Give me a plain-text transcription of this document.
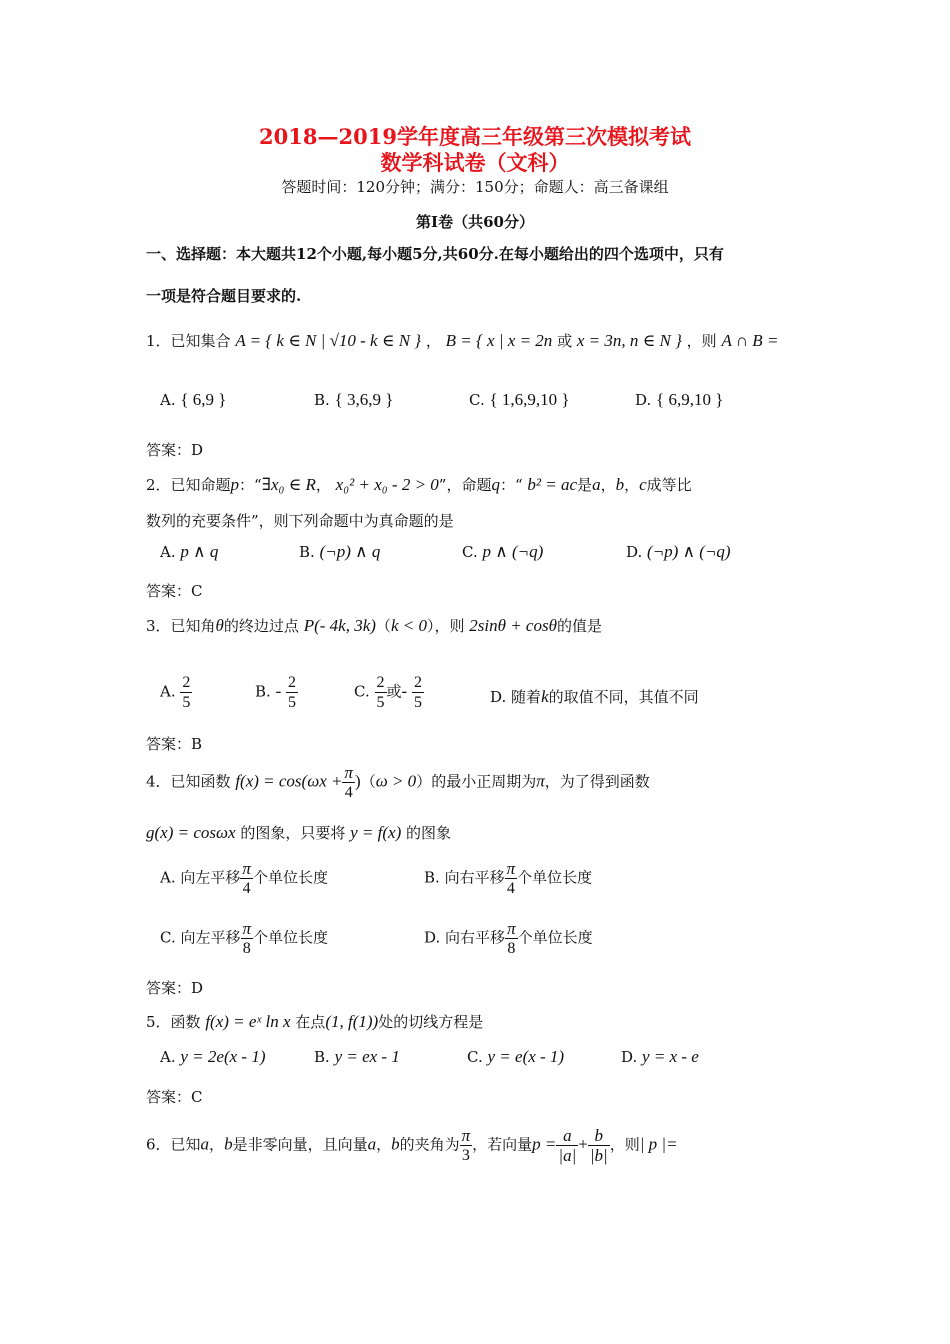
2018—2019学年度高三年级第三次模拟考试
数学科试卷（文科）
答题时间：120分钟；满分：150分；命题人：高三备课组
第Ⅰ卷（共60分）
一、选择题：本大题共12个小题,每小题5分,共60分.在每小题给出的四个选项中，只有
一项是符合题目要求的.
1．已知集合 A = { k ∈ N | √10 - k ∈ N } ， B = { x | x = 2n 或 x = 3n, n ∈ N } ，则 A ∩ B =
A. { 6,9 }	B. { 3,6,9 }	C. { 1,6,9,10 }	D. { 6,9,10 }
答案：D
2．已知命题p：“∃x₀ ∈ R， x₀² + x₀ - 2 > 0”，命题q：“ b² = ac是a，b，c成等比
数列的充要条件”，则下列命题中为真命题的是
A. p ∧ q	B. (¬p) ∧ q	C. p ∧ (¬q)	D. (¬p) ∧ (¬q)
答案：C
3．已知角θ的终边过点 P(- 4k, 3k)（k < 0），则 2sinθ + cosθ的值是
A. $\frac{2}{5}$	B. - $\frac{2}{5}$	C. $\frac{2}{5}$ 或- $\frac{2}{5}$	D. 随着k的取值不同，其值不同
答案：B
4．已知函数 $f(x) = \cos(\omega x + \frac{\pi}{4} )(\omega > 0)$的最小正周期为π，为了得到函数
g(x) = cosωx 的图象，只要将 y = f(x) 的图象
A. 向左平移 $\frac{\pi}{4}$ 个单位长度	B. 向右平移 $\frac{\pi}{4}$ 个单位长度
C. 向左平移 $\frac{\pi}{8}$ 个单位长度	D. 向右平移 $\frac{\pi}{8}$ 个单位长度
答案：D
5．函数 f(x) = eˣ ln x 在点(1, f(1))处的切线方程是
A. y = 2e(x - 1)	B. y = ex - 1	C. y = e(x - 1)	D. y = x - e
答案：C
6．已知a，b是非零向量，且向量a，b的夹角为 $\frac{\pi}{3}$ ，若向量$p = \frac{a}{|a|} + \frac{b}{|b|}$ ，则| p |=
